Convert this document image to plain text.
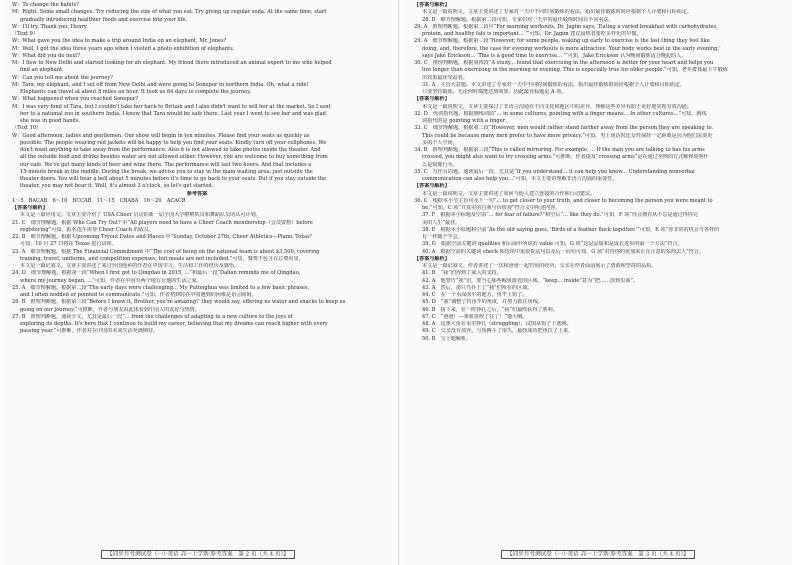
W：To change the habits?
M：Right. Some small changes. Try reducing the size of what you eat. Try giving up regular soda. At the same time, start
gradually introducing healthier foods and exercise into your life.
W：I'll try. Thank you, Henry.
（Text 9）
W：What gave you the idea to make a trip around India on an elephant, Mr. Jones?
M：Well, I got the idea three years ago when I visited a photo exhibition of elephants.
W：What did you do next?
M：I flew to New Delhi and started looking for an elephant. My friend there introduced an animal expert to me who helped
find an elephant.
W：Can you tell me about the journey?
M：Tara, my elephant, and I set off from New Delhi and were going to Sonepur in northern India. Oh, what a ride!
Elephants can travel at about 8 miles an hour. It took us 84 days to complete the journey.
W：What happened when you reached Sonepur?
M：I was very fond of Tara, but I couldn't take her back to Britain and I also didn't want to sell her at the market. So I sent
her to a national zoo in southern India. I know that Tara would be safe there. Last year I went to see her and was glad
she was in good hands.
（Text 10）
W：Good afternoon, ladies and gentlemen. Our show will begin in ten minutes. Please find your seats as quickly as
possible. The people wearing red jackets will be happy to help you find your seats. Kindly turn off your cellphones. We
don't want anything to take away from the performance. Also it is not allowed to take photos inside the theater. And
all the outside food and drinks besides water are not allowed either. However, you are welcome to buy something from
our cafe. We've got many kinds of beer and wine there. The performance will last two hours. And that includes a
15-minute break in the middle. During the break, we advise you to stay in the main waiting area; just outside the
theater doors. You will hear a bell about 5 minutes before it's time to go back to your seats. But if you stay outside the
theater, you may not hear it. Well, it's almost 3 o'clock, so let's get started.
参考答案
1～5　BACAB　6～10　BCCAB　11～15　CBABA　16～20　ACACB
【答案与解析】
本文是一篇应用文。文章主要介绍了 USA Cheer 启动的新一届全国大学啦啦队员和舞蹈队员的认可计划。
21. C　细节理解题。根据 Who Can Try Out? 中“All players need to have a Cheer Coach membership（会员资格）before
registering”可知，报名选手需要 Cheer Coach 的成员。
22. B　细节理解题。根据 Upcoming Tryout Dates and Places 中“Sunday, October 27th, Cheer Athletics—Plano, Texas”
可知，10 月 27 日将在 Texas 进行试训。
23. A　细节理解题。根据 The Financial Commitment 中“The cost of being on the national team is about $3,500, covering
training, travel, uniforms, and competition expenses, but meals are not included.”可知，餐费不包含在总费用里。
本文是一篇记叙文。文章主要讲述了来自异国他乡的作者在中国学习、生活和工作的经历及感悟。
24. D　细节理解题。根据第一段“When I first got to Qingdao in 2015, ...”和最后一段“Dalian reminds me of Qingdao,
where my journey began, ...”可知，作者在中国有两个地方让他的生活之家。
25. A　细节理解题。根据第二段“The early days were challenging... My Putonghua was limited to a few basic phrases,
and I often nodded or pointed to communicate.”可知，作者初到时在中国遇到的困难是语言障碍。
26. B　推理判断题。根据第三段“Before I knew it, Brother, you're amazing!’ they would say, offering us water and snacks to keep us
going on our journey.”可推断，作者与朋友由此体验到中国人的友好与热情。
27. B　推理判断题。通读全文，尤其是最后一段“... from the challenges of adapting to a new culture to the joys of
exploring its depths. It's here that I continue to build my career, believing that my dreams can reach higher with every
passing year.”可推断，作者对在中国的未来生活充满期待。
【同步月考测试卷（一）·英语 高一上学期·参考答案　第 2 页（共 4 页）】
【答案与解析】
本文是一篇说明文。文章主要讲述了专家对一天中不同时间锻炼的看法，指出最佳锻炼时间应根据个人计划和目标而定。
28. B　细节理解题。根据第二段可知，专家们对一天中的最佳锻炼时间有不同看法。
29. A　推理判断题。根据第二段中“For morning workouts, Dr. Jagim says, ‘Eating a varied breakfast with carbohydrates,
protein, and healthy fats is important... ’”可知，Dr. Jagim 建议晨练者要吃多样化的早餐。
29. A　细节理解题。根据第三段“However, for some people, waking up early to exercise is the last thing they feel like
doing, and, therefore, the case for evening workouts is more attractive. Your body works best in the early evening,’
says Jake Erickson... ‘This is a good time to exercise... ’”可知，Jake Erickson 认为晚间锻炼适合晚起的人。
30. C　推理判断题。根据第四段“A study... found that exercising in the afternoon is better for your heart and helps you
live longer than exercising in the morning or evening. This is especially true for older people.”可知，老年群体最下午锻炼
出效果最佳受益者。
31. A　主旨大意题。本文讲述了专家对一天中不同时间锻炼的看法，指出最佳锻炼时间应根据个人计划和目标而定，
只要坚持锻炼，无论何时都能达到效果。因此最佳标题是 A 项。
【答案与解析】
本文是一篇说明文。文章主要探讨了非语言沟通在不同文化和地区中的差异，理解这些差异有助于更好地实现有效沟通。
32. D　代词指代题。根据画线词前“... in some cultures, pointing with a finger means... In other cultures...”可知，画线
词指代的是 pointing with a finger。
33. C　细节理解题。根据第二段“However, men would rather stand farther away from the person they are speaking to.
This could be because many men prefer to have more privacy.”可知，男士谈话时比女性保持一定距离是因为他们需要更
多的个人空间。
34. B　推理判断题。根据第三段“This is called mirroring. For example, ... If the man you are talking to has his arms
crossed, you might also want to try crossing arms.”可推断，作者提及“crossing arms”是在通过举例的方式解释说明什
么是镜像行为。
35. C　写作目的题。通读最后一段，尤其是“If you understand... it can help you know... Understanding nonverbal
communication can also help you...”可知，本文主要讲理解非语言沟通的重要性。
【答案与解析】
本文是一篇说明文。文章主要讲述了如何与他人建立连接的合作和行动建议。
36. C　根据本小节主旨句及下一句“... to get closer to your truth, and closer to becoming the person you were meant to
be.”可知，C 项“并真实的自我与价值观”符合文中所述内容。
37. F　根据本小标题及空前“... for fear of failure?”和空后“... like they do.”可知，F 项“你会拥有从不总是通过得你完
美的人生”最佳。
38. E　根据本小标题和空前“As the old saying goes, ‘Birds of a feather flock together.’”可知，E 项“你非常的机会与各样的
有一样做个学会。
39. G　根据空前关键词 qualities 和后面中所说的 value 可知，G 项“这是品质和是成长进步的第一个方法”符合。
40. A　根据空前的关键词 check 和选项中重要说法句以及后一问句可知，G 项“对待你的更加来正在注意的东西去人”符合。
【答案与解析】
本文是一篇记叙文。作者讲述了一次和爸爸一起钓鱼的经历，父亲在作者面前展示了勇敢和坚持的品质。
41. B　“我”们得到了家人的支持。
42. A　他警告“我”们，要当心那些鲸鱼游近的区域。“keep... inside”意为“把……放到里面”。
43. A　然后，那只鸟扑上了“我”们所在的区域。
44. C　在一个水深而平的地方，鱼竿上钩了。
45. D　“我”调整了钓鱼竿的角度，并努力抓住鱼线。
46. B　接下来，在一阵挣扎之后，“我”们最终获得了胜利。
47. C　“爸爸！—条鲨鱼咬了住了！”他大喊。
48. A　这条大鱼在水里挣扎（struggling），试图从钩子上逃脱。
49. C　父亲没有放弃，与鱼搏斗了很久，最终成功把鱼拉了上来。
50. B　宝上题解析。
【同步月考测试卷（一）·英语 高一上学期·参考答案　第 3 页（共 4 页）】
